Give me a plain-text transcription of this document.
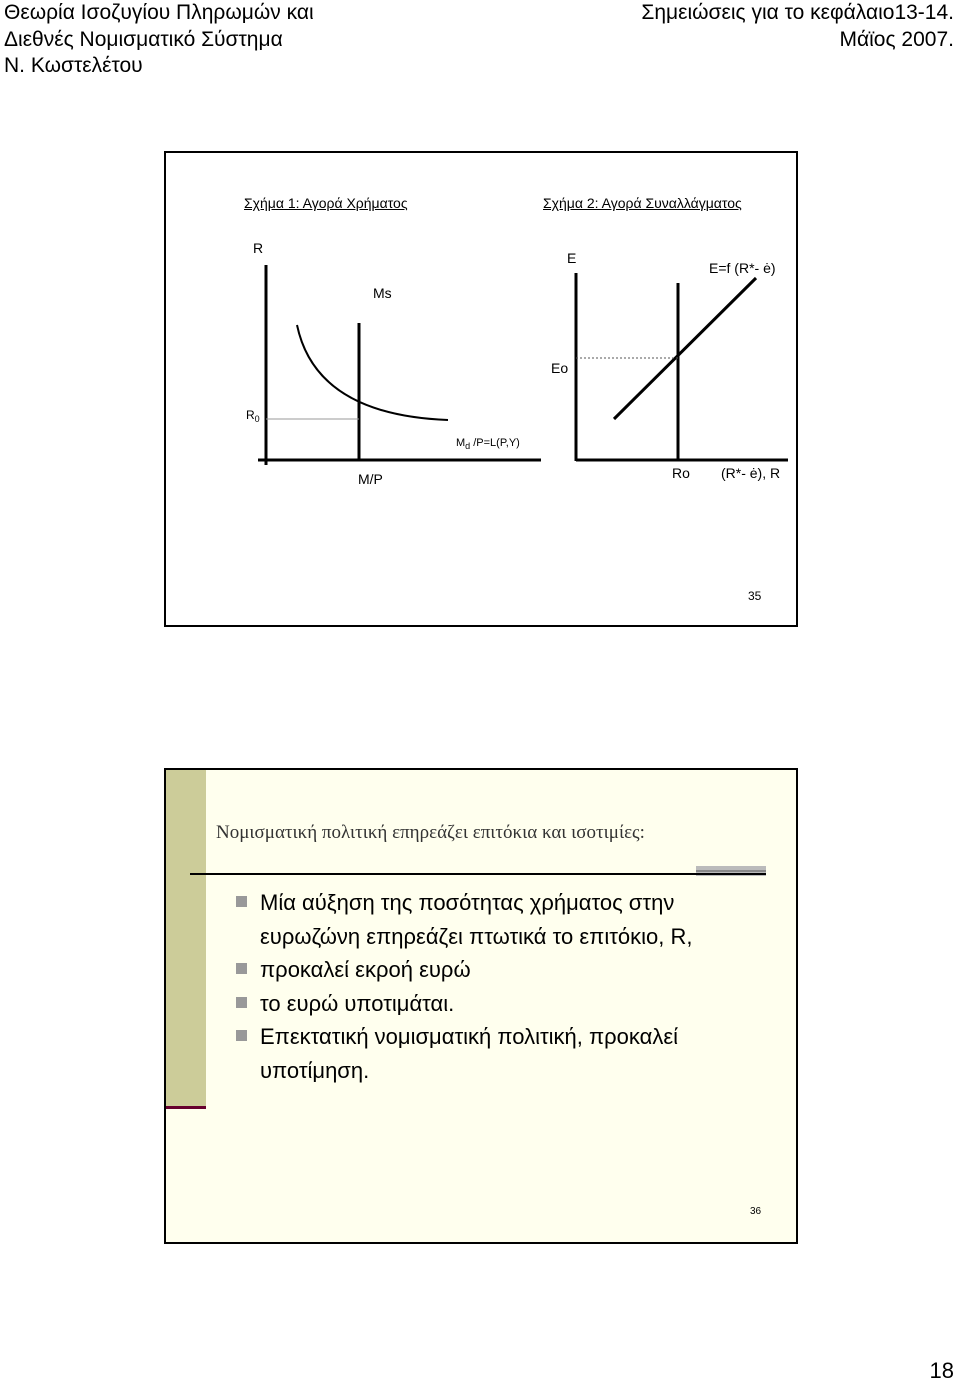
Θεωρία Ισοζυγίου Πληρωμών και
Διεθνές Νομισματικό Σύστημα
Ν. Κωστελέτου
Σημειώσεις για το κεφάλαιο13-14.
Μάϊος 2007.
Σχήμα 1: Αγορά Χρήματος	Σχήμα 2: Αγορά Συναλλάγματος
R
Ms
$R_0$
$M_d$ /P=L(P,Y)
M/P
E
E=f (R*- ė)
Eo
Ro (R*- ė), R
35
Νομισματική πολιτική επηρεάζει επιτόκια και ισοτιμίες:
Μία αύξηση της ποσότητας χρήματος στην
ευρωζώνη επηρεάζει πτωτικά το επιτόκιο, R,
προκαλεί εκροή ευρώ
το ευρώ υποτιμάται.
Επεκτατική νομισματική πολιτική, προκαλεί
υποτίμηση.
36
18
